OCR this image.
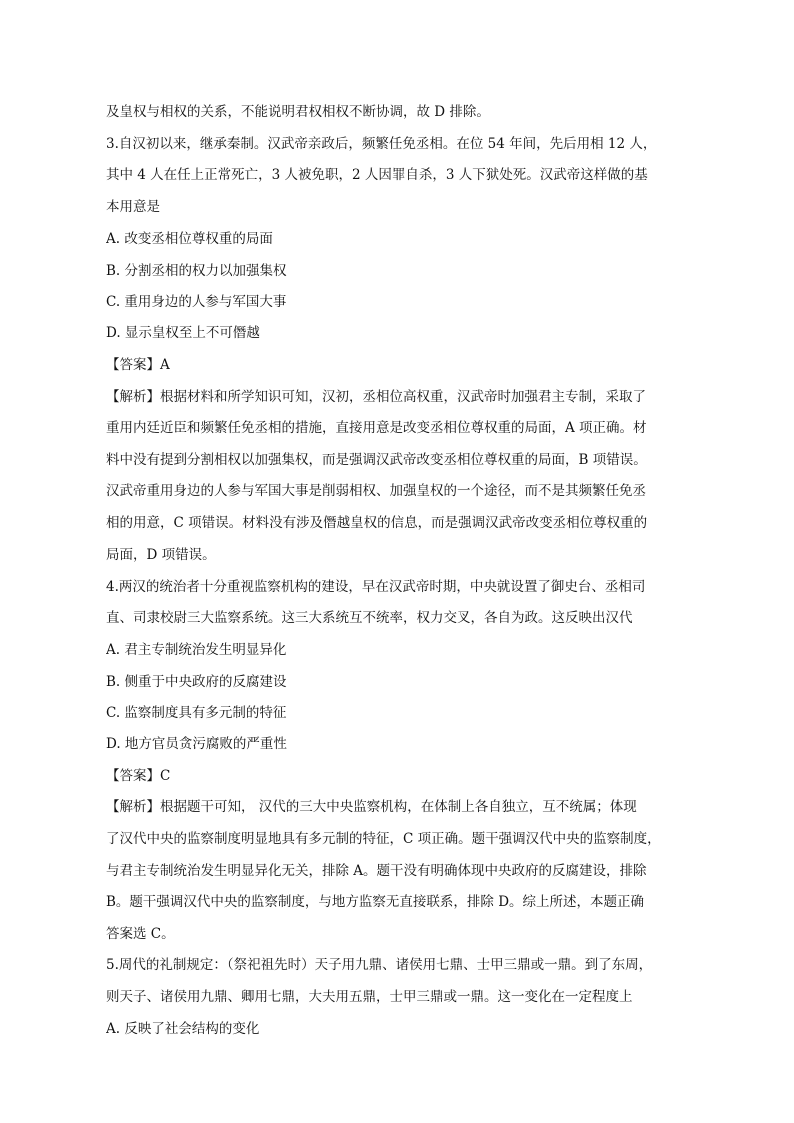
及皇权与相权的关系，不能说明君权相权不断协调，故 D 排除。
3.自汉初以来，继承秦制。汉武帝亲政后，频繁任免丞相。在位 54 年间，先后用相 12 人，
其中 4 人在任上正常死亡，3 人被免职，2 人因罪自杀，3 人下狱处死。汉武帝这样做的基
本用意是
A. 改变丞相位尊权重的局面
B. 分割丞相的权力以加强集权
C. 重用身边的人参与军国大事
D. 显示皇权至上不可僭越
【答案】A
【解析】根据材料和所学知识可知，汉初，丞相位高权重，汉武帝时加强君主专制，采取了
重用内廷近臣和频繁任免丞相的措施，直接用意是改变丞相位尊权重的局面，A 项正确。材
料中没有提到分割相权以加强集权，而是强调汉武帝改变丞相位尊权重的局面，B 项错误。
汉武帝重用身边的人参与军国大事是削弱相权、加强皇权的一个途径，而不是其频繁任免丞
相的用意，C 项错误。材料没有涉及僭越皇权的信息，而是强调汉武帝改变丞相位尊权重的
局面，D 项错误。
4.两汉的统治者十分重视监察机构的建设，早在汉武帝时期，中央就设置了御史台、丞相司
直、司隶校尉三大监察系统。这三大系统互不统率，权力交叉，各自为政。这反映出汉代
A. 君主专制统治发生明显异化
B. 侧重于中央政府的反腐建设
C. 监察制度具有多元制的特征
D. 地方官员贪污腐败的严重性
【答案】C
【解析】根据题干可知， 汉代的三大中央监察机构，在体制上各自独立，互不统属；体现
了汉代中央的监察制度明显地具有多元制的特征，C 项正确。题干强调汉代中央的监察制度，
与君主专制统治发生明显异化无关，排除 A。题干没有明确体现中央政府的反腐建设，排除
B。题干强调汉代中央的监察制度，与地方监察无直接联系，排除 D。综上所述，本题正确
答案选 C。
5.周代的礼制规定：（祭祀祖先时）天子用九鼎、诸侯用七鼎、士甲三鼎或一鼎。到了东周，
则天子、诸侯用九鼎、卿用七鼎，大夫用五鼎，士甲三鼎或一鼎。这一变化在一定程度上
A. 反映了社会结构的变化
